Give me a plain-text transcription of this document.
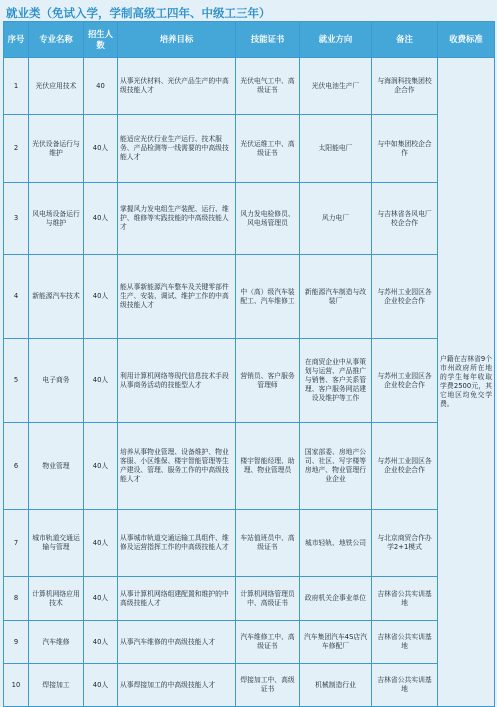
就业类（免试入学，学制高级工四年、中级工三年）
序号	专业名称	招生人数	培养目标	技能证书	就业方向	备注	收费标准
1	光伏应用技术	40	从事光伏材料、光伏产品生产的中高级技能人才	光伏电气工中、高级证书	光伏电池生产厂	与海润科技集团校企合作	户籍在吉林省9个市州政府所在地的学生每年收取学费2500元，其它地区均免交学费。
2	光伏设备运行与维护	40人	能适应光伏行业生产运行、技术服务、产品检测等一线需要的中高级技能人才	光伏运维工中、高级证书	太阳能电厂	与中如集团校企合作	
3	风电场设备运行与维护	40人	掌握风力发电组生产装配、运行、维护、维修等实践技能的中高级技能人才	风力发电检修员、风电场管理员	风力电厂	与吉林省各风电厂校企合作	
4	新能源汽车技术	40人	能从事新能源汽车整车及关键零部件生产、安装、调试、维护工作的中高级技能人才	中（高）级汽车装配工、汽车维修工	新能源汽车制造与改装厂	与苏州工业园区各企业校企合作	
5	电子商务	40人	利用计算机网络等现代信息技术手段从事商务活动的技能型人才	营销员、客户服务管理师	在商贸企业中从事策划与运营、产品推广与销售、客户关系管理、客户服务网站建设及维护等工作	与苏州工业园区各企业校企合作	
6	物业管理	40人	培养从事物业管理、设备维护、物业客服、小区维保、楼宇智能管理等生产建设、管理、服务工作的中高级技能人才	楼宇智能经理、助理、物业管理员	国家部委、房地产公司、社区、写字楼等房地产、物业管理行业企业	与苏州工业园区各企业校企合作	
7	城市轨道交通运输与管理	40人	从事城市轨道交通运输工具组件、维修及运营指挥工作的中高级技能人才	车站值班员中、高级证书	城市轻轨、地铁公司	与北京商贸合作办学2+1模式	
8	计算机网络应用技术	40人	从事计算机网络组建配置和维护的中高级技能人才	计算机网络管理员中、高级证书	政府机关企事业单位	吉林省公共实训基地	
9	汽车维修	40人	从事汽车维修的中高级技能人才	汽车维修工中、高级证书	汽车集团汽车4S店汽车修配厂	吉林省公共实训基地	
10	焊接加工	40人	从事焊接加工的中高级技能人才	焊接加工中、高级证书	机械制造行业	吉林省公共实训基地	
